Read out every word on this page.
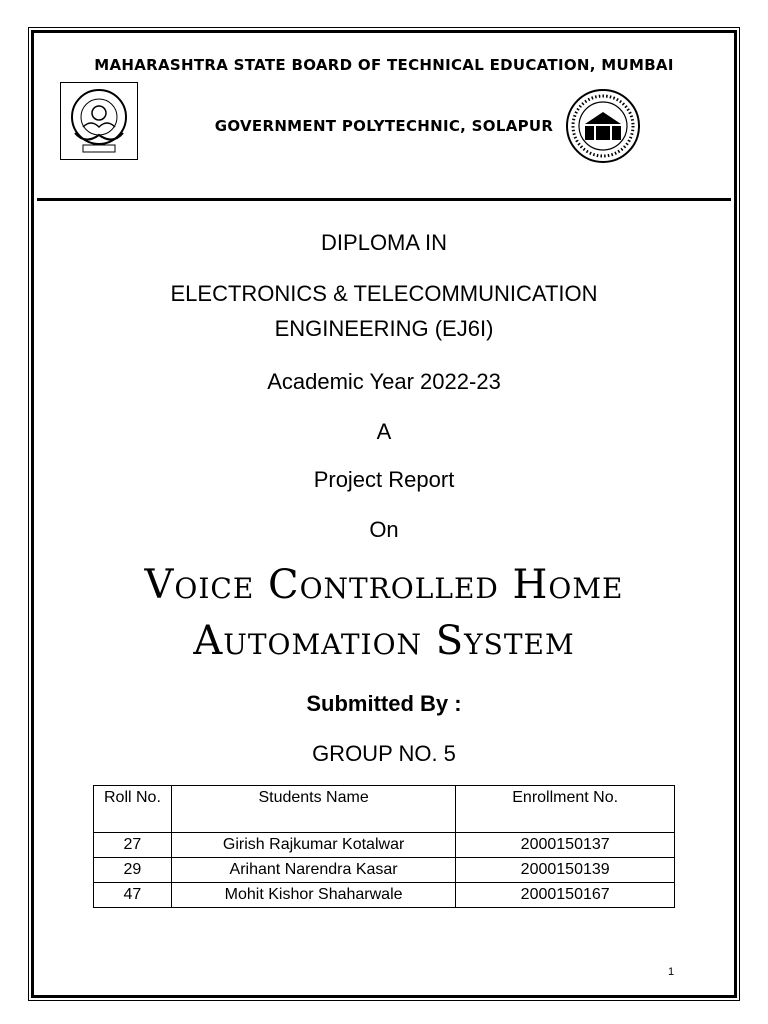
MAHARASHTRA STATE BOARD OF TECHNICAL EDUCATION, MUMBAI
GOVERNMENT POLYTECHNIC, SOLAPUR
DIPLOMA IN
ELECTRONICS & TELECOMMUNICATION
ENGINEERING (EJ6I)
Academic Year 2022-23
A
Project Report
On
Voice Controlled Home
Automation System
Submitted By :
GROUP NO. 5
Roll No.	Students Name	Enrollment No.
27	Girish Rajkumar Kotalwar	2000150137
29	Arihant Narendra Kasar	2000150139
47	Mohit Kishor Shaharwale	2000150167
1
